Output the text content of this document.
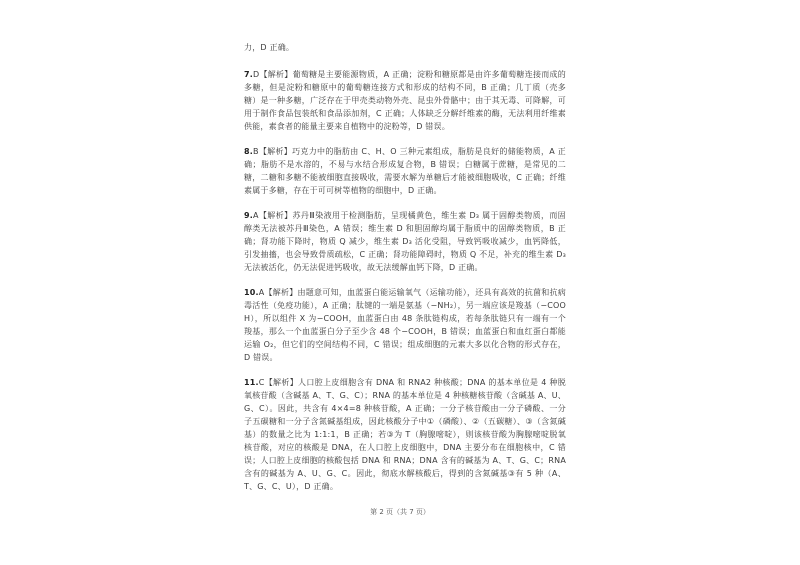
力，D 正确。

7.D【解析】葡萄糖是主要能源物质，A 正确；淀粉和糖原都是由许多葡萄糖连接而成的多糖，但是淀粉和糖原中的葡萄糖连接方式和形成的结构不同，B 正确；几丁质（壳多糖）是一种多糖，广泛存在于甲壳类动物外壳、昆虫外骨骼中；由于其无毒、可降解，可用于制作食品包装纸和食品添加剂，C 正确；人体缺乏分解纤维素的酶，无法利用纤维素供能，素食者的能量主要来自植物中的淀粉等，D 错误。

8.B【解析】巧克力中的脂肪由 C、H、O 三种元素组成，脂肪是良好的储能物质，A 正确；脂肪不是水溶的，不易与水结合形成复合物，B 错误；白糖属于蔗糖，是常见的二糖，二糖和多糖不能被细胞直接吸收，需要水解为单糖后才能被细胞吸收，C 正确；纤维素属于多糖，存在于可可树等植物的细胞中，D 正确。

9.A【解析】苏丹Ⅲ染液用于检测脂肪，呈现橘黄色，维生素 D₃ 属于固醇类物质，而固醇类无法被苏丹Ⅲ染色，A 错误；维生素 D 和胆固醇均属于脂质中的固醇类物质，B 正确；肾功能下降时，物质 Q 减少，维生素 D₃ 活化受阻，导致钙吸收减少，血钙降低，引发抽搐，也会导致骨质疏松，C 正确；肾功能障碍时，物质 Q 不足，补充的维生素 D₃ 无法被活化，仍无法促进钙吸收，故无法缓解血钙下降，D 正确。

10.A【解析】由题意可知，血蓝蛋白能运输氧气（运输功能），还具有高效的抗菌和抗病毒活性（免疫功能），A 正确；肽键的一端是氨基（−NH₂），另一端应该是羧基（−COOH），所以组件 X 为−COOH，血蓝蛋白由 48 条肽链构成，若每条肽链只有一端有一个羧基，那么一个血蓝蛋白分子至少含 48 个−COOH，B 错误；血蓝蛋白和血红蛋白都能运输 O₂，但它们的空间结构不同，C 错误；组成细胞的元素大多以化合物的形式存在，D 错误。

11.C【解析】人口腔上皮细胞含有 DNA 和 RNA2 种核酸；DNA 的基本单位是 4 种脱氧核苷酸（含碱基 A、T、G、C）；RNA 的基本单位是 4 种核糖核苷酸（含碱基 A、U、G、C）。因此，共含有 4×4=8 种核苷酸，A 正确；一分子核苷酸由一分子磷酸、一分子五碳糖和一分子含氮碱基组成，因此核酸分子中①（磷酸）、②（五碳糖）、③（含氮碱基）的数量之比为 1:1:1，B 正确；若③为 T（胸腺嘧啶），则该核苷酸为胸腺嘧啶脱氧核苷酸，对应的核酸是 DNA，在人口腔上皮细胞中，DNA 主要分布在细胞核中，C 错误；人口腔上皮细胞的核酸包括 DNA 和 RNA；DNA 含有的碱基为 A、T、G、C；RNA 含有的碱基为 A、U、G、C。因此，彻底水解核酸后，得到的含氮碱基③有 5 种（A、T、G、C、U），D 正确。

第 2 页（共 7 页）
